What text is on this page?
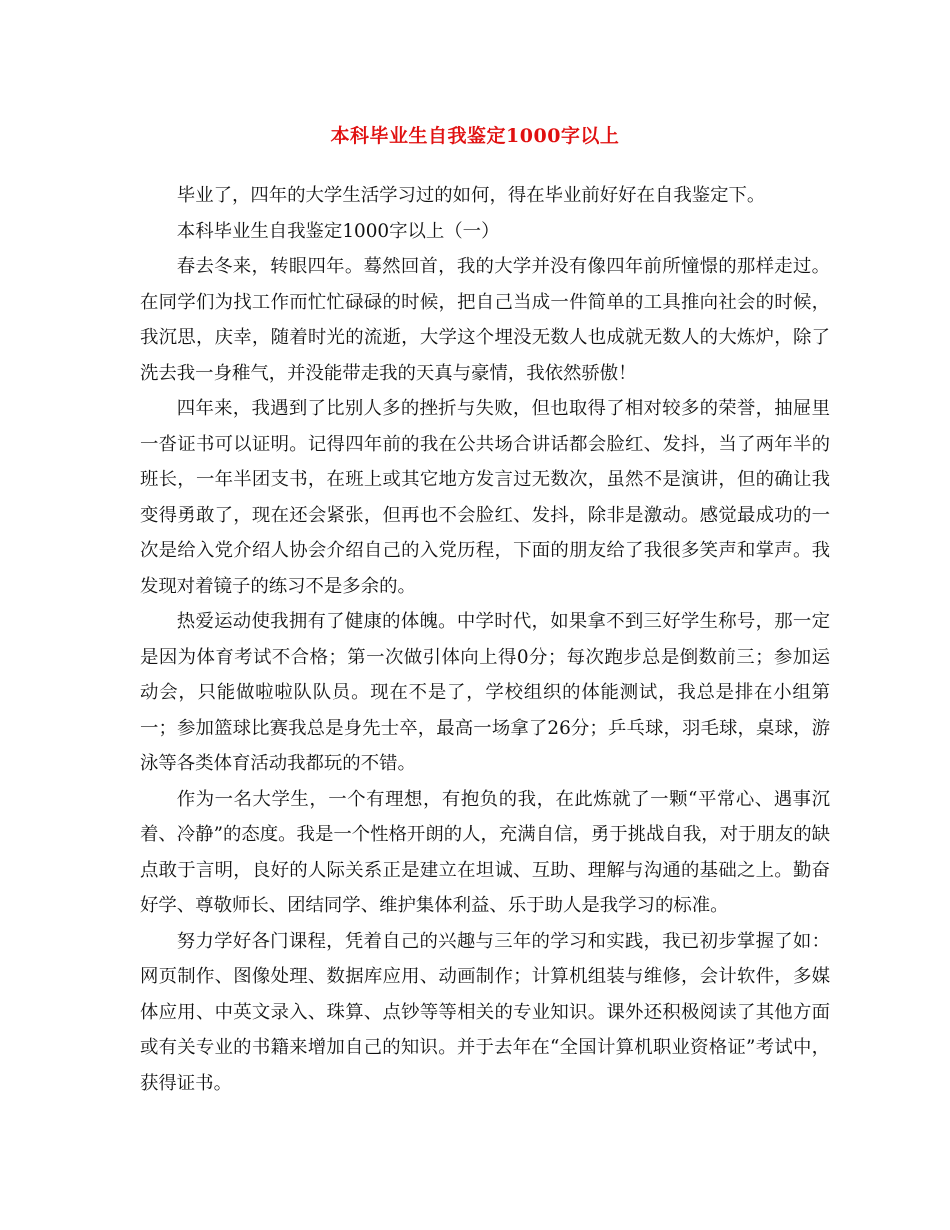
本科毕业生自我鉴定1000字以上

毕业了，四年的大学生活学习过的如何，得在毕业前好好在自我鉴定下。

本科毕业生自我鉴定1000字以上（一）

春去冬来，转眼四年。蓦然回首，我的大学并没有像四年前所憧憬的那样走过。在同学们为找工作而忙忙碌碌的时候，把自己当成一件简单的工具推向社会的时候，我沉思，庆幸，随着时光的流逝，大学这个埋没无数人也成就无数人的大炼炉，除了洗去我一身稚气，并没能带走我的天真与豪情，我依然骄傲！

四年来，我遇到了比别人多的挫折与失败，但也取得了相对较多的荣誉，抽屉里一沓证书可以证明。记得四年前的我在公共场合讲话都会脸红、发抖，当了两年半的班长，一年半团支书，在班上或其它地方发言过无数次，虽然不是演讲，但的确让我变得勇敢了，现在还会紧张，但再也不会脸红、发抖，除非是激动。感觉最成功的一次是给入党介绍人协会介绍自己的入党历程，下面的朋友给了我很多笑声和掌声。我发现对着镜子的练习不是多余的。

热爱运动使我拥有了健康的体魄。中学时代，如果拿不到三好学生称号，那一定是因为体育考试不合格；第一次做引体向上得0分；每次跑步总是倒数前三；参加运动会，只能做啦啦队队员。现在不是了，学校组织的体能测试，我总是排在小组第一；参加篮球比赛我总是身先士卒，最高一场拿了26分；乒乓球，羽毛球，桌球，游泳等各类体育活动我都玩的不错。

作为一名大学生，一个有理想，有抱负的我，在此炼就了一颗“平常心、遇事沉着、冷静”的态度。我是一个性格开朗的人，充满自信，勇于挑战自我，对于朋友的缺点敢于言明，良好的人际关系正是建立在坦诚、互助、理解与沟通的基础之上。勤奋好学、尊敬师长、团结同学、维护集体利益、乐于助人是我学习的标准。

努力学好各门课程，凭着自己的兴趣与三年的学习和实践，我已初步掌握了如：网页制作、图像处理、数据库应用、动画制作；计算机组装与维修，会计软件，多媒体应用、中英文录入、珠算、点钞等等相关的专业知识。课外还积极阅读了其他方面或有关专业的书籍来增加自己的知识。并于去年在“全国计算机职业资格证”考试中，获得证书。
